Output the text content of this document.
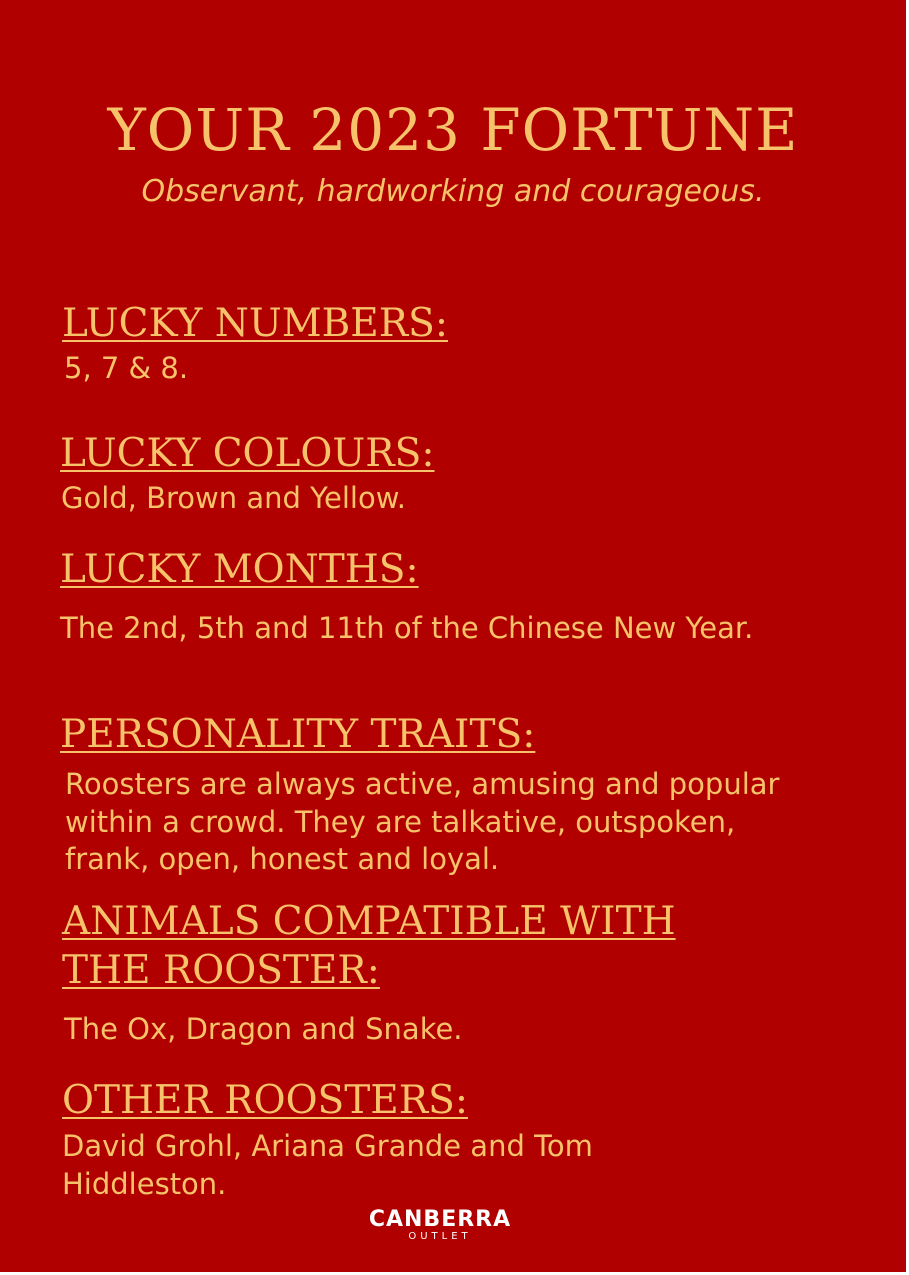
YOUR 2023 FORTUNE
Observant, hardworking and courageous.
LUCKY NUMBERS:
5, 7 & 8.
LUCKY COLOURS:
Gold, Brown and Yellow.
LUCKY MONTHS:
The 2nd, 5th and 11th of the Chinese New Year.
PERSONALITY TRAITS:
Roosters are always active, amusing and popular within a crowd. They are talkative, outspoken, frank, open, honest and loyal.
ANIMALS COMPATIBLE WITH THE ROOSTER:
The Ox, Dragon and Snake.
OTHER ROOSTERS:
David Grohl, Ariana Grande and Tom Hiddleston.
CANBERRA
OUTLET
